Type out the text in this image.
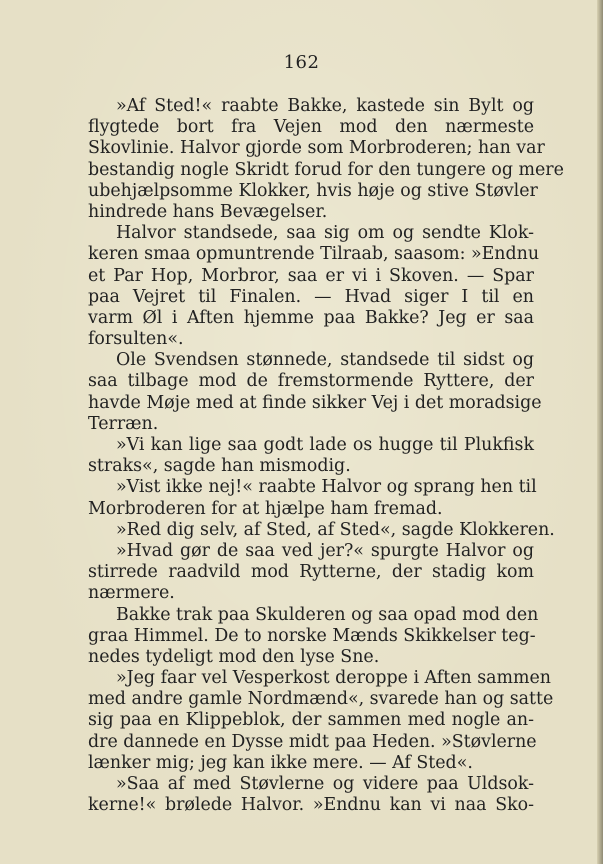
162
»Af Sted!« raabte Bakke, kastede sin Bylt og
flygtede bort fra Vejen mod den nærmeste
Skovlinie. Halvor gjorde som Morbroderen; han var
bestandig nogle Skridt forud for den tungere og mere
ubehjælpsomme Klokker, hvis høje og stive Støvler
hindrede hans Bevægelser.
Halvor standsede, saa sig om og sendte Klok-
keren smaa opmuntrende Tilraab, saasom: »Endnu
et Par Hop, Morbror, saa er vi i Skoven. — Spar
paa Vejret til Finalen. — Hvad siger I til en
varm Øl i Aften hjemme paa Bakke? Jeg er saa
forsulten«.
Ole Svendsen stønnede, standsede til sidst og
saa tilbage mod de fremstormende Ryttere, der
havde Møje med at finde sikker Vej i det moradsige
Terræn.
»Vi kan lige saa godt lade os hugge til Plukfisk
straks«, sagde han mismodig.
»Vist ikke nej!« raabte Halvor og sprang hen til
Morbroderen for at hjælpe ham fremad.
»Red dig selv, af Sted, af Sted«, sagde Klokkeren.
»Hvad gør de saa ved jer?« spurgte Halvor og
stirrede raadvild mod Rytterne, der stadig kom
nærmere.
Bakke trak paa Skulderen og saa opad mod den
graa Himmel. De to norske Mænds Skikkelser teg-
nedes tydeligt mod den lyse Sne.
»Jeg faar vel Vesperkost deroppe i Aften sammen
med andre gamle Nordmænd«, svarede han og satte
sig paa en Klippeblok, der sammen med nogle an-
dre dannede en Dysse midt paa Heden. »Støvlerne
lænker mig; jeg kan ikke mere. — Af Sted«.
»Saa af med Støvlerne og videre paa Uldsok-
kerne!« brølede Halvor. »Endnu kan vi naa Sko-
